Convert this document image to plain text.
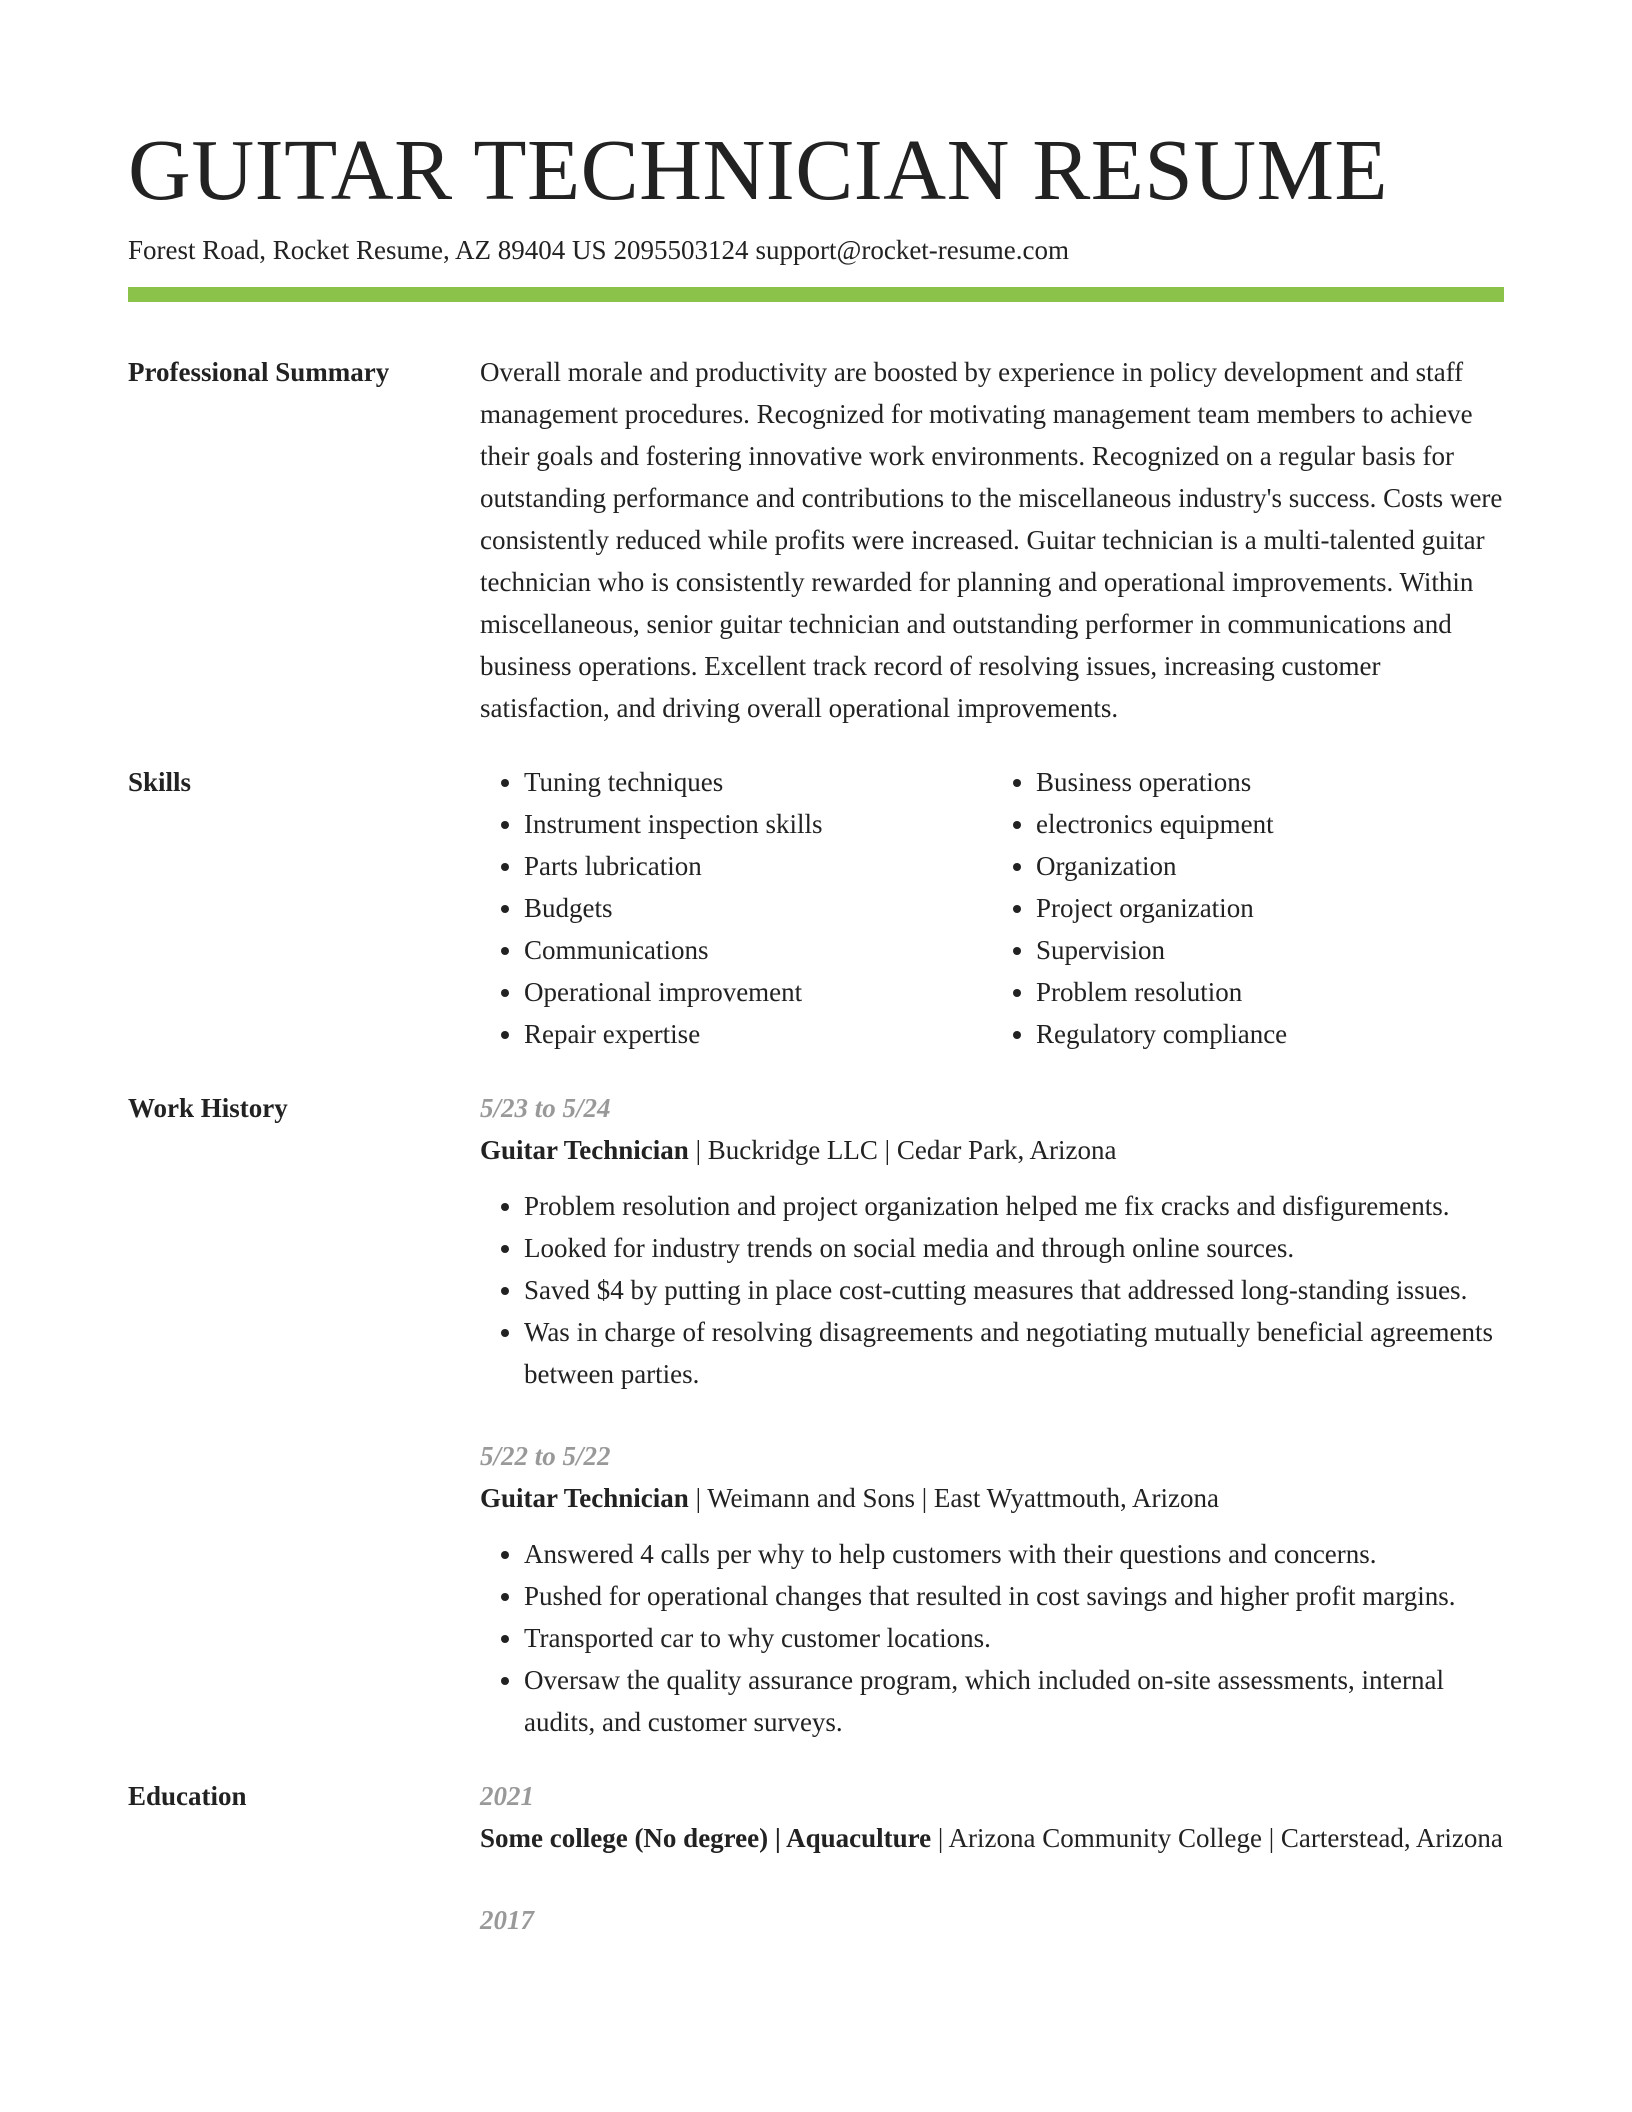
GUITAR TECHNICIAN RESUME
Forest Road, Rocket Resume, AZ 89404 US 2095503124 support@rocket-resume.com
Professional Summary	Overall morale and productivity are boosted by experience in policy development and staff management procedures. Recognized for motivating management team members to achieve their goals and fostering innovative work environments. Recognized on a regular basis for outstanding performance and contributions to the miscellaneous industry's success. Costs were consistently reduced while profits were increased. Guitar technician is a multi-talented guitar technician who is consistently rewarded for planning and operational improvements. Within miscellaneous, senior guitar technician and outstanding performer in communications and business operations. Excellent track record of resolving issues, increasing customer satisfaction, and driving overall operational improvements.
Skills
•	Tuning techniques
• Instrument inspection skills
• Parts lubrication
• Budgets
• Communications
• Operational improvement
• Repair expertise
• Business operations
• electronics equipment
• Organization
• Project organization
• Supervision
• Problem resolution
• Regulatory compliance
Work History	5/23 to 5/24
Guitar Technician | Buckridge LLC | Cedar Park, Arizona
• Problem resolution and project organization helped me fix cracks and disfigurements.
• Looked for industry trends on social media and through online sources.
• Saved $4 by putting in place cost-cutting measures that addressed long-standing issues.
• Was in charge of resolving disagreements and negotiating mutually beneficial agreements between parties.
5/22 to 5/22
Guitar Technician | Weimann and Sons | East Wyattmouth, Arizona
• Answered 4 calls per why to help customers with their questions and concerns.
• Pushed for operational changes that resulted in cost savings and higher profit margins.
• Transported car to why customer locations.
• Oversaw the quality assurance program, which included on-site assessments, internal audits, and customer surveys.
Education	2021
Some college (No degree) | Aquaculture | Arizona Community College | Carterstead, Arizona
2017
